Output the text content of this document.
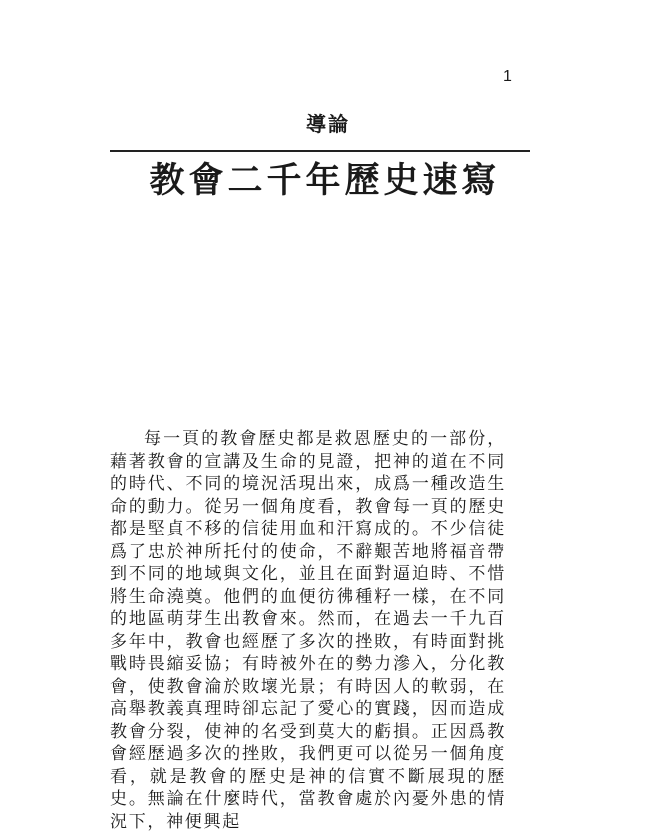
1
導論
教會二千年歷史速寫

每一頁的教會歷史都是救恩歷史的一部份，藉著教會的宣講及生命的見證，把神的道在不同的時代、不同的境況活現出來，成爲一種改造生命的動力。從另一個角度看，教會每一頁的歷史都是堅貞不移的信徒用血和汗寫成的。不少信徒爲了忠於神所托付的使命，不辭艱苦地將福音帶到不同的地域與文化，並且在面對逼迫時、不惜將生命澆奠。他們的血便彷彿種籽一樣，在不同的地區萌芽生出教會來。然而，在過去一千九百多年中，教會也經歷了多次的挫敗，有時面對挑戰時畏縮妥協；有時被外在的勢力滲入，分化教會，使教會淪於敗壞光景；有時因人的軟弱，在高舉教義真理時卻忘記了愛心的實踐，因而造成教會分裂，使神的名受到莫大的虧損。正因爲教會經歷過多次的挫敗，我們更可以從另一個角度看，就是教會的歷史是神的信實不斷展現的歷史。無論在什麼時代，當教會處於內憂外患的情況下，神便興起
